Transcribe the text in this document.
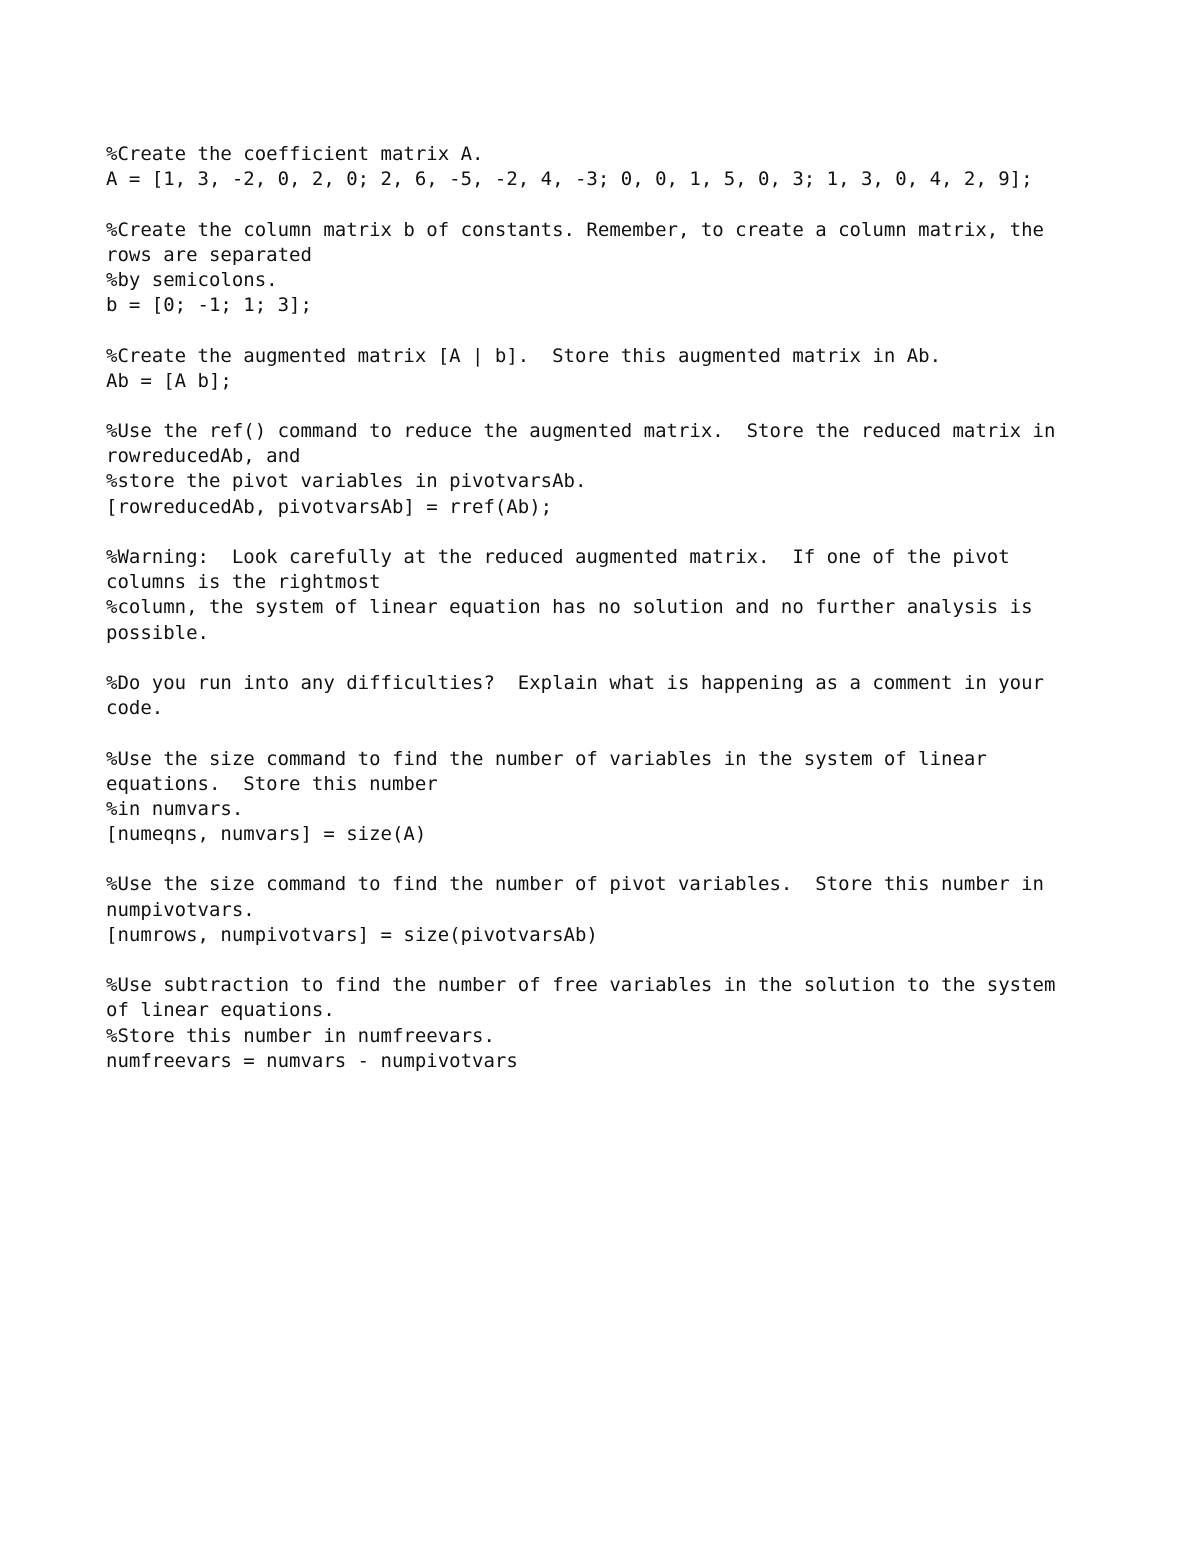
%Create the coefficient matrix A.
A = [1, 3, -2, 0, 2, 0; 2, 6, -5, -2, 4, -3; 0, 0, 1, 5, 0, 3; 1, 3, 0, 4, 2, 9];
%Create the column matrix b of constants. Remember, to create a column matrix, the
rows are separated
%by semicolons.
b = [0; -1; 1; 3];
%Create the augmented matrix [A | b].  Store this augmented matrix in Ab.
Ab = [A b];
%Use the ref() command to reduce the augmented matrix.  Store the reduced matrix in
rowreducedAb, and
%store the pivot variables in pivotvarsAb.
[rowreducedAb, pivotvarsAb] = rref(Ab);
%Warning:  Look carefully at the reduced augmented matrix.  If one of the pivot
columns is the rightmost
%column, the system of linear equation has no solution and no further analysis is
possible.
%Do you run into any difficulties?  Explain what is happening as a comment in your
code.
%Use the size command to find the number of variables in the system of linear
equations.  Store this number
%in numvars.
[numeqns, numvars] = size(A)
%Use the size command to find the number of pivot variables.  Store this number in
numpivotvars.
[numrows, numpivotvars] = size(pivotvarsAb)
%Use subtraction to find the number of free variables in the solution to the system
of linear equations.
%Store this number in numfreevars.
numfreevars = numvars - numpivotvars
